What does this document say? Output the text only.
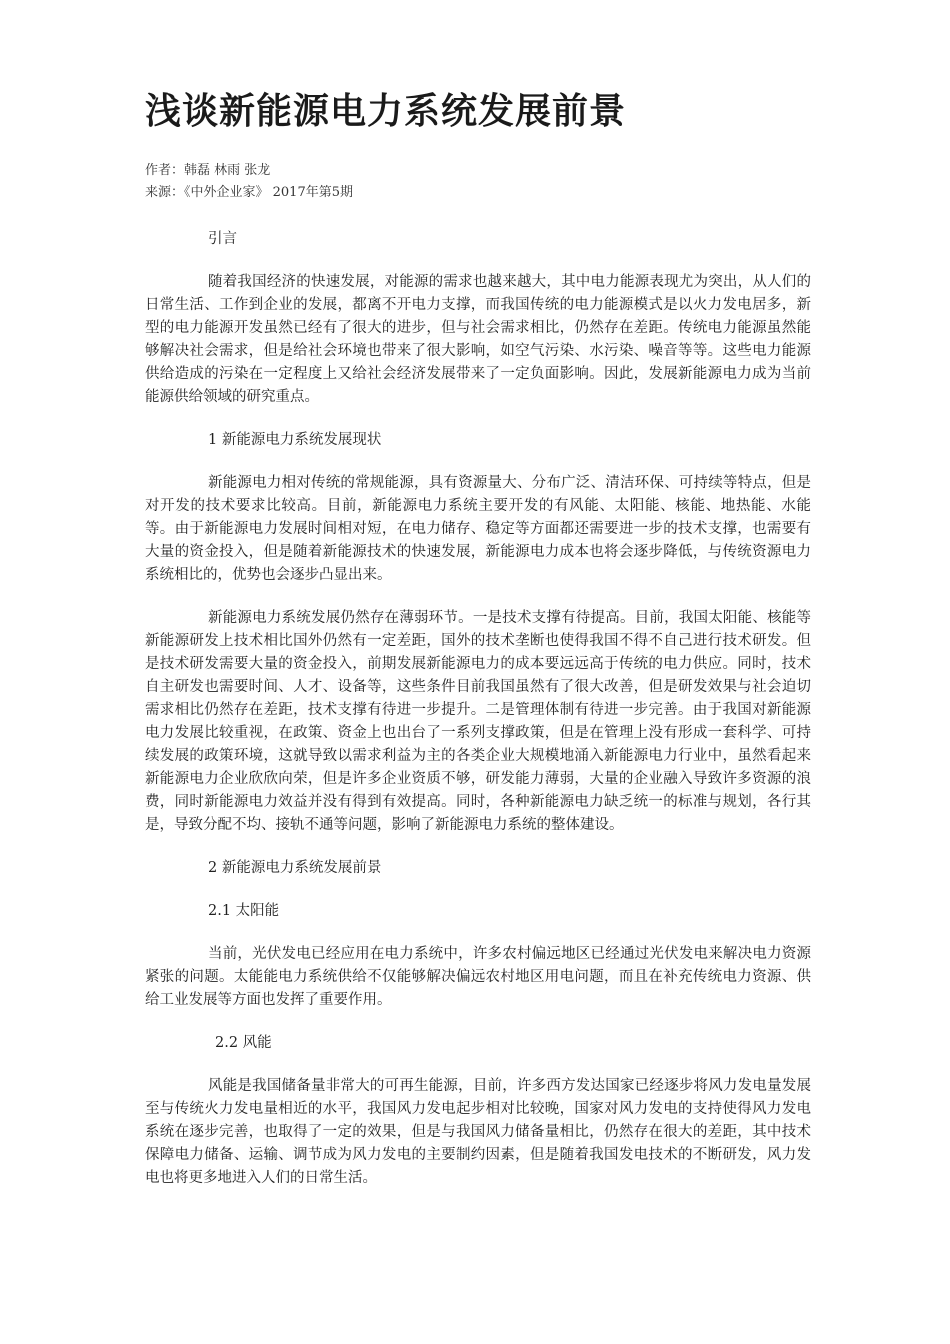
浅谈新能源电力系统发展前景

作者：韩磊 林雨 张龙

来源：《中外企业家》 2017年第5期

引言

随着我国经济的快速发展，对能源的需求也越来越大，其中电力能源表现尤为突出，从人们的日常生活、工作到企业的发展，都离不开电力支撑，而我国传统的电力能源模式是以火力发电居多，新型的电力能源开发虽然已经有了很大的进步，但与社会需求相比，仍然存在差距。传统电力能源虽然能够解决社会需求，但是给社会环境也带来了很大影响，如空气污染、水污染、噪音等等。这些电力能源供给造成的污染在一定程度上又给社会经济发展带来了一定负面影响。因此，发展新能源电力成为当前能源供给领域的研究重点。

1 新能源电力系统发展现状

新能源电力相对传统的常规能源，具有资源量大、分布广泛、清洁环保、可持续等特点，但是对开发的技术要求比较高。目前，新能源电力系统主要开发的有风能、太阳能、核能、地热能、水能等。由于新能源电力发展时间相对短，在电力储存、稳定等方面都还需要进一步的技术支撑，也需要有大量的资金投入，但是随着新能源技术的快速发展，新能源电力成本也将会逐步降低，与传统资源电力系统相比的，优势也会逐步凸显出来。

新能源电力系统发展仍然存在薄弱环节。一是技术支撑有待提高。目前，我国太阳能、核能等新能源研发上技术相比国外仍然有一定差距，国外的技术垄断也使得我国不得不自己进行技术研发。但是技术研发需要大量的资金投入，前期发展新能源电力的成本要远远高于传统的电力供应。同时，技术自主研发也需要时间、人才、设备等，这些条件目前我国虽然有了很大改善，但是研发效果与社会迫切需求相比仍然存在差距，技术支撑有待进一步提升。二是管理体制有待进一步完善。由于我国对新能源电力发展比较重视，在政策、资金上也出台了一系列支撑政策，但是在管理上没有形成一套科学、可持续发展的政策环境，这就导致以需求利益为主的各类企业大规模地涌入新能源电力行业中，虽然看起来新能源电力企业欣欣向荣，但是许多企业资质不够，研发能力薄弱，大量的企业融入导致许多资源的浪费，同时新能源电力效益并没有得到有效提高。同时，各种新能源电力缺乏统一的标准与规划，各行其是，导致分配不均、接轨不通等问题，影响了新能源电力系统的整体建设。

2 新能源电力系统发展前景

2.1 太阳能

当前，光伏发电已经应用在电力系统中，许多农村偏远地区已经通过光伏发电来解决电力资源紧张的问题。太能能电力系统供给不仅能够解决偏远农村地区用电问题，而且在补充传统电力资源、供给工业发展等方面也发挥了重要作用。

2.2 风能

风能是我国储备量非常大的可再生能源，目前，许多西方发达国家已经逐步将风力发电量发展至与传统火力发电量相近的水平，我国风力发电起步相对比较晚，国家对风力发电的支持使得风力发电系统在逐步完善，也取得了一定的效果，但是与我国风力储备量相比，仍然存在很大的差距，其中技术保障电力储备、运输、调节成为风力发电的主要制约因素，但是随着我国发电技术的不断研发，风力发电也将更多地进入人们的日常生活。
